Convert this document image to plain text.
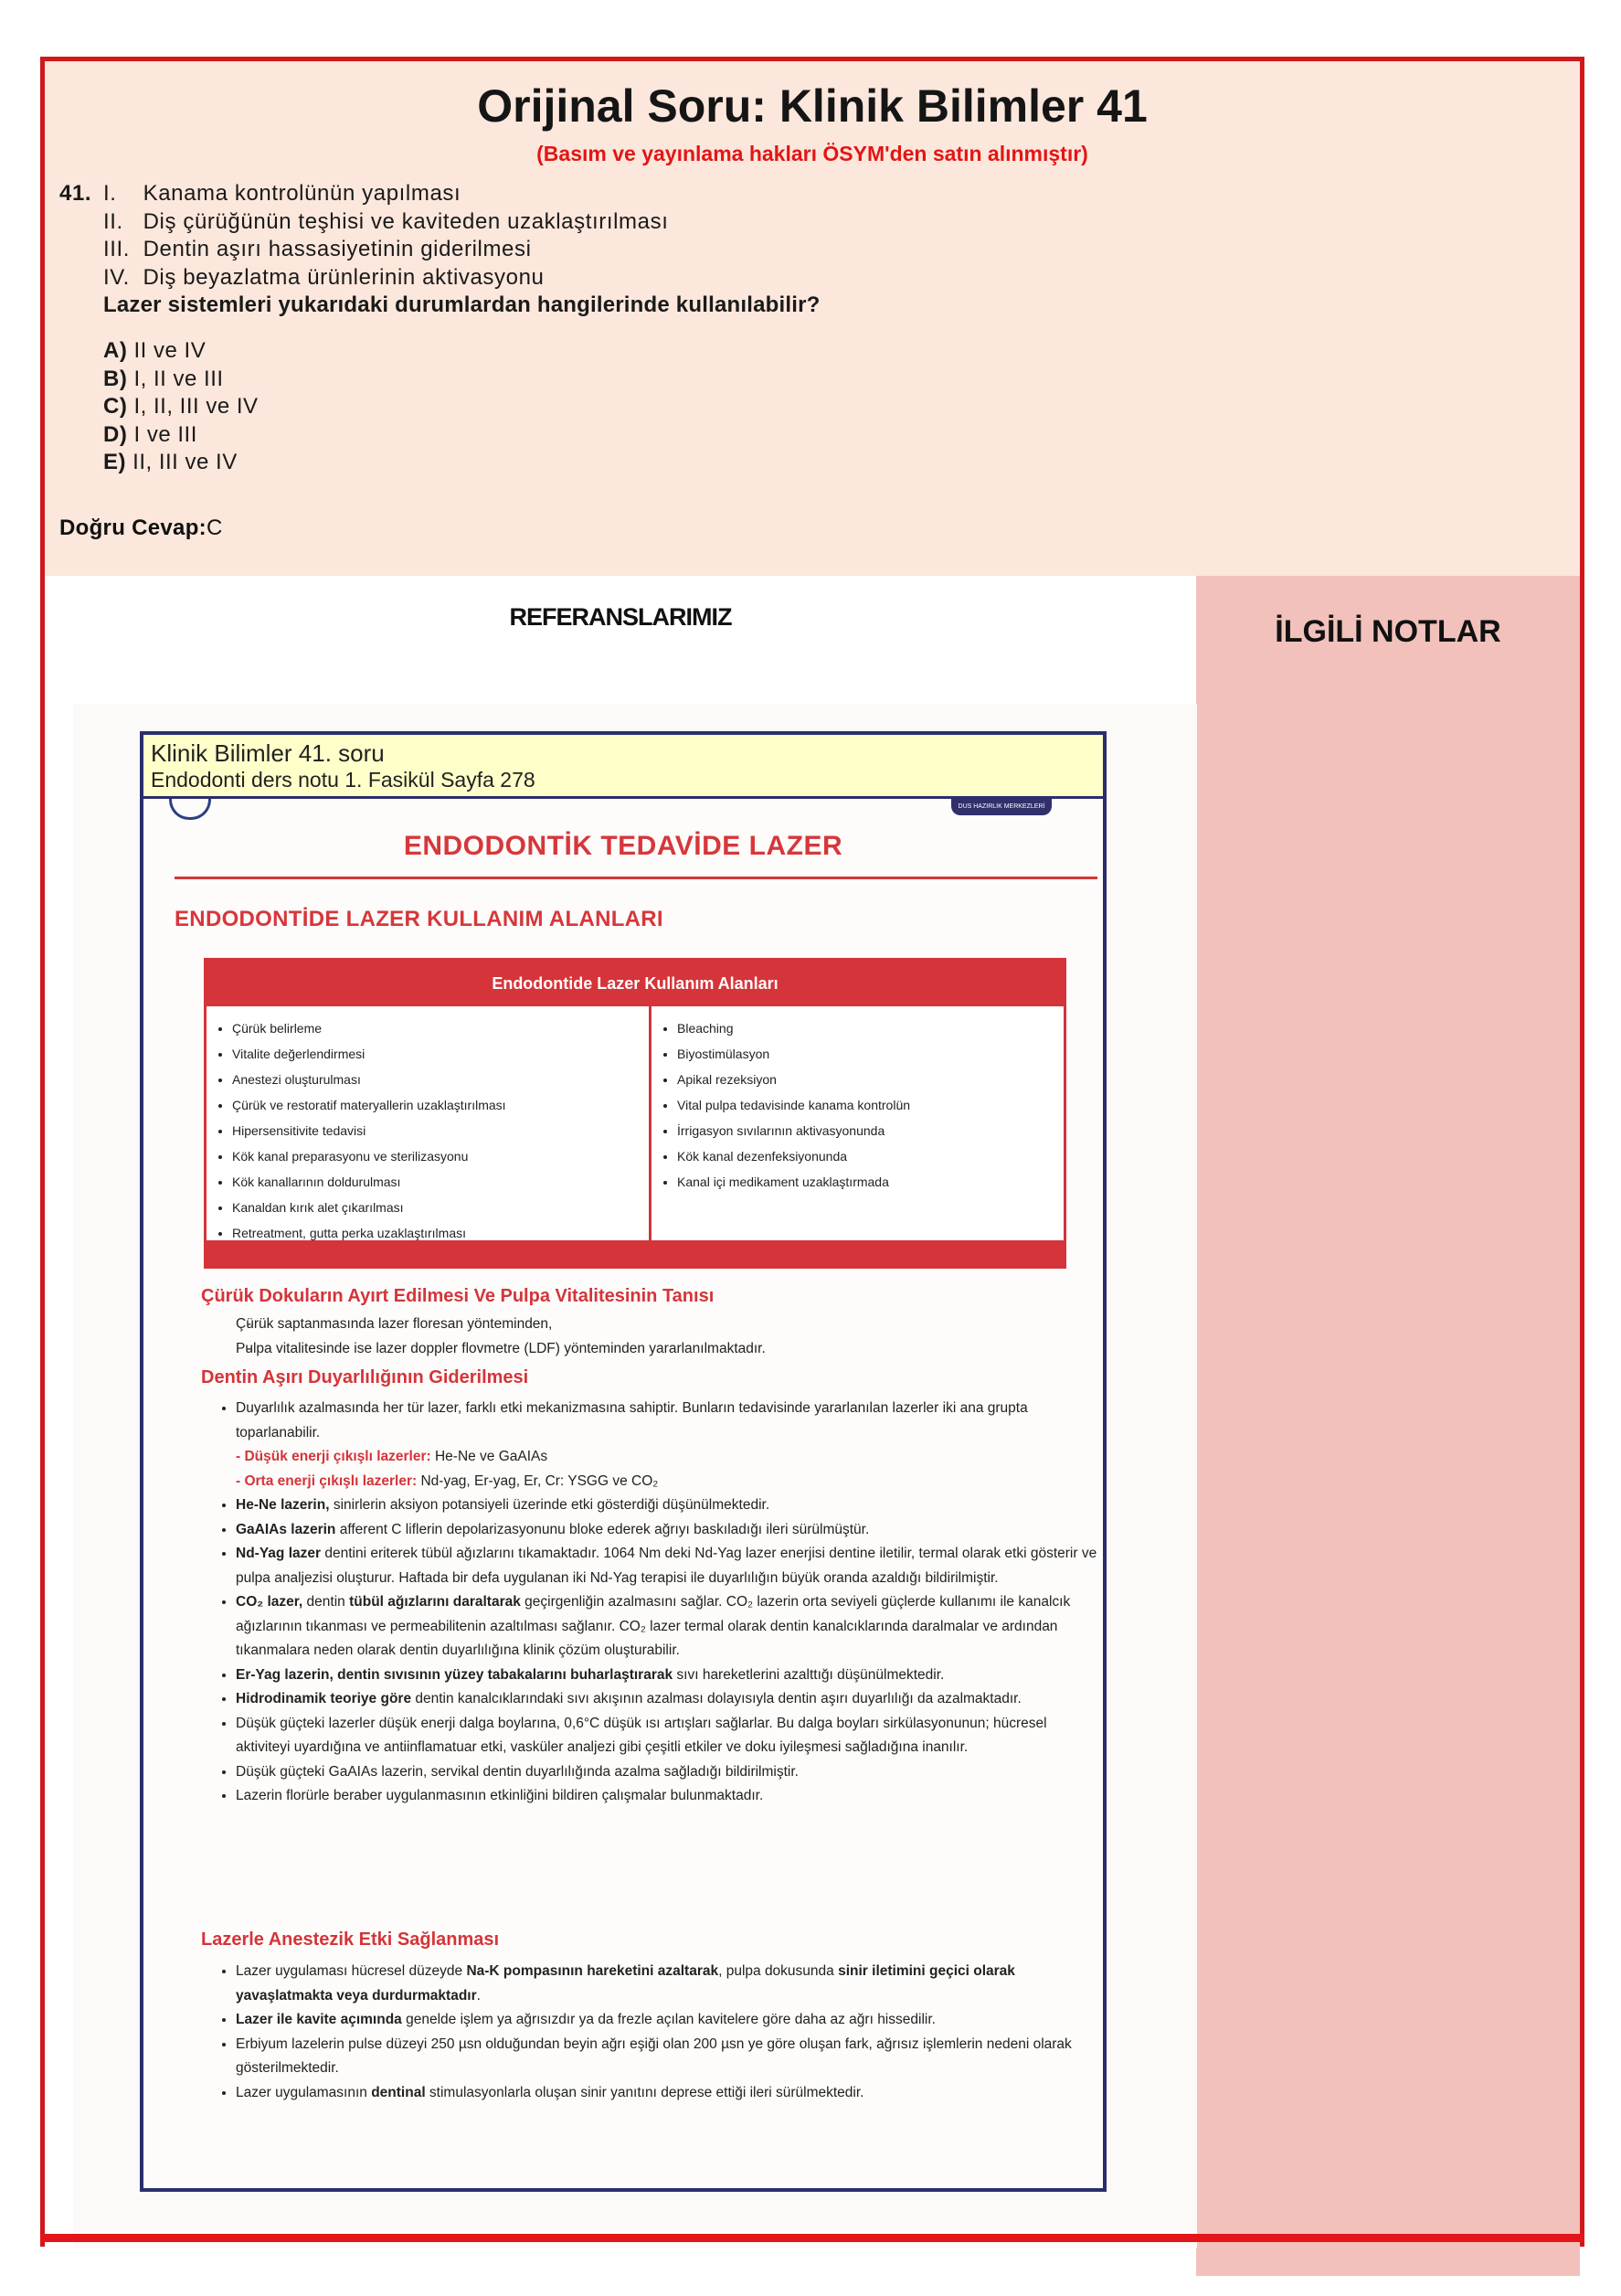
Orijinal Soru: Klinik Bilimler 41
(Basım ve yayınlama hakları ÖSYM'den satın alınmıştır)
41. I.    Kanama kontrolünün yapılması
II.   Diş çürüğünün teşhisi ve kaviteden uzaklaştırılması
III.  Dentin aşırı hassasiyetinin giderilmesi
IV.  Diş beyazlatma ürünlerinin aktivasyonu
Lazer sistemleri yukarıdaki durumlardan hangilerinde kullanılabilir?
A) II ve IV
B) I, II ve III
C) I, II, III ve IV
D) I ve III
E) II, III ve IV
Doğru Cevap:C
REFERANSLARIMIZ	İLGİLİ NOTLAR
Klinik Bilimler 41. soru
Endodonti ders notu 1. Fasikül Sayfa 278
DUS HAZIRLIK MERKEZLERİ
ENDODONTİK TEDAVİDE LAZER
ENDODONTİDE LAZER KULLANIM ALANLARI
Endodontide Lazer Kullanım Alanları
• Çürük belirleme
• Vitalite değerlendirmesi
• Anestezi oluşturulması
• Çürük ve restoratif materyallerin uzaklaştırılması
• Hipersensitivite tedavisi
• Kök kanal preparasyonu ve sterilizasyonu
• Kök kanallarının doldurulması
• Kanaldan kırık alet çıkarılması
• Retreatment, gutta perka uzaklaştırılması
• Bleaching
• Biyostimülasyon
• Apikal rezeksiyon
• Vital pulpa tedavisinde kanama kontrolün
• İrrigasyon sıvılarının aktivasyonunda
• Kök kanal dezenfeksiyonunda
• Kanal içi medikament uzaklaştırmada
Çürük Dokuların Ayırt Edilmesi Ve Pulpa Vitalitesinin Tanısı
- Çürük saptanmasında lazer floresan yönteminden,
- Pulpa vitalitesinde ise lazer doppler flovmetre (LDF) yönteminden yararlanılmaktadır.
Dentin Aşırı Duyarlılığının Giderilmesi
• Duyarlılık azalmasında her tür lazer, farklı etki mekanizmasına sahiptir. Bunların tedavisinde yararlanılan lazerler iki ana grupta toparlanabilir.
- Düşük enerji çıkışlı lazerler: He-Ne ve GaAIAs
- Orta enerji çıkışlı lazerler: Nd-yag, Er-yag, Er, Cr: YSGG ve CO₂
• He-Ne lazerin, sinirlerin aksiyon potansiyeli üzerinde etki gösterdiği düşünülmektedir.
• GaAIAs lazerin afferent C liflerin depolarizasyonunu bloke ederek ağrıyı baskıladığı ileri sürülmüştür.
• Nd-Yag lazer dentini eriterek tübül ağızlarını tıkamaktadır. 1064 Nm deki Nd-Yag lazer enerjisi dentine iletilir, termal olarak etki gösterir ve pulpa analjezisi oluşturur. Haftada bir defa uygulanan iki Nd-Yag terapisi ile duyarlılığın büyük oranda azaldığı bildirilmiştir.
• CO₂ lazer, dentin tübül ağızlarını daraltarak geçirgenliğin azalmasını sağlar. CO₂ lazerin orta seviyeli güçlerde kullanımı ile kanalcık ağızlarının tıkanması ve permeabilitenin azaltılması sağlanır. CO₂ lazer termal olarak dentin kanalcıklarında daralmalar ve ardından tıkanmalara neden olarak dentin duyarlılığına klinik çözüm oluşturabilir.
• Er-Yag lazerin, dentin sıvısının yüzey tabakalarını buharlaştırarak sıvı hareketlerini azalttığı düşünülmektedir.
• Hidrodinamik teoriye göre dentin kanalcıklarındaki sıvı akışının azalması dolayısıyla dentin aşırı duyarlılığı da azalmaktadır.
• Düşük güçteki lazerler düşük enerji dalga boylarına, 0,6°C düşük ısı artışları sağlarlar. Bu dalga boyları sirkülasyonunun; hücresel aktiviteyi uyardığına ve antiinflamatuar etki, vasküler analjezi gibi çeşitli etkiler ve doku iyileşmesi sağladığına inanılır.
• Düşük güçteki GaAIAs lazerin, servikal dentin duyarlılığında azalma sağladığı bildirilmiştir.
• Lazerin florürle beraber uygulanmasının etkinliğini bildiren çalışmalar bulunmaktadır.
Lazerle Anestezik Etki Sağlanması
• Lazer uygulaması hücresel düzeyde Na-K pompasının hareketini azaltarak, pulpa dokusunda sinir iletimini geçici olarak yavaşlatmakta veya durdurmaktadır.
• Lazer ile kavite açımında genelde işlem ya ağrısızdır ya da frezle açılan kavitelere göre daha az ağrı hissedilir.
• Erbiyum lazelerin pulse düzeyi 250 µsn olduğundan beyin ağrı eşiği olan 200 µsn ye göre oluşan fark, ağrısız işlemlerin nedeni olarak gösterilmektedir.
• Lazer uygulamasının dentinal stimulasyonlarla oluşan sinir yanıtını deprese ettiği ileri sürülmektedir.
